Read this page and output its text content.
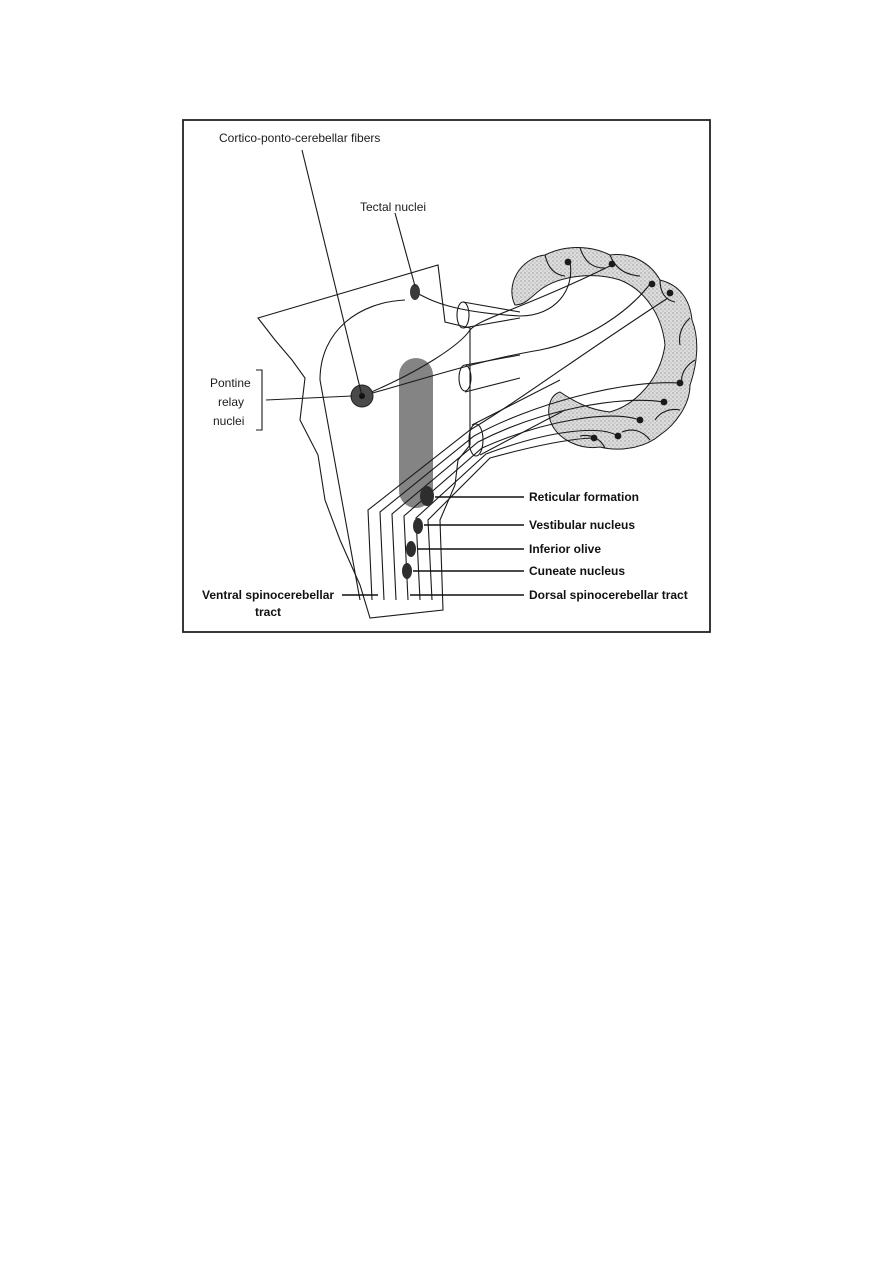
Cortico-ponto-cerebellar fibers
Tectal nuclei
Pontine
relay
nuclei
Reticular formation
Vestibular nucleus
Inferior olive
Cuneate nucleus
Dorsal spinocerebellar tract
Ventral spinocerebellar
tract
